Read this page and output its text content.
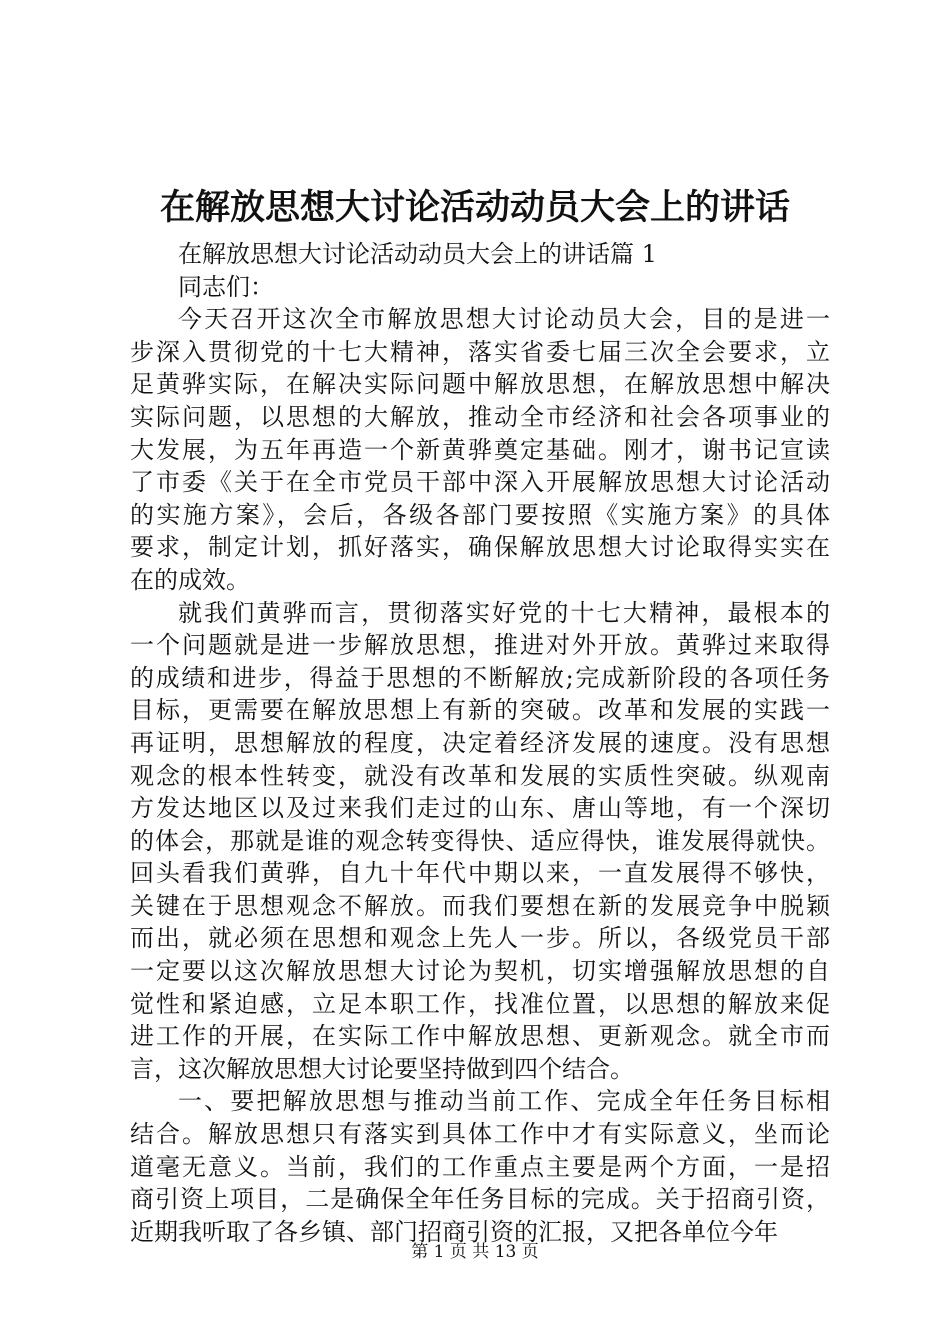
在解放思想大讨论活动动员大会上的讲话
在解放思想大讨论活动动员大会上的讲话篇 1
同志们：
今天召开这次全市解放思想大讨论动员大会，目的是进一
步深入贯彻党的十七大精神，落实省委七届三次全会要求，立
足黄骅实际，在解决实际问题中解放思想，在解放思想中解决
实际问题，以思想的大解放，推动全市经济和社会各项事业的
大发展，为五年再造一个新黄骅奠定基础。刚才，谢书记宣读
了市委《关于在全市党员干部中深入开展解放思想大讨论活动
的实施方案》，会后，各级各部门要按照《实施方案》的具体
要求，制定计划，抓好落实，确保解放思想大讨论取得实实在
在的成效。
就我们黄骅而言，贯彻落实好党的十七大精神，最根本的
一个问题就是进一步解放思想，推进对外开放。黄骅过来取得
的成绩和进步，得益于思想的不断解放;完成新阶段的各项任务
目标，更需要在解放思想上有新的突破。改革和发展的实践一
再证明，思想解放的程度，决定着经济发展的速度。没有思想
观念的根本性转变，就没有改革和发展的实质性突破。纵观南
方发达地区以及过来我们走过的山东、唐山等地，有一个深切
的体会，那就是谁的观念转变得快、适应得快，谁发展得就快。
回头看我们黄骅，自九十年代中期以来，一直发展得不够快，
关键在于思想观念不解放。而我们要想在新的发展竞争中脱颖
而出，就必须在思想和观念上先人一步。所以，各级党员干部
一定要以这次解放思想大讨论为契机，切实增强解放思想的自
觉性和紧迫感，立足本职工作，找准位置，以思想的解放来促
进工作的开展，在实际工作中解放思想、更新观念。就全市而
言，这次解放思想大讨论要坚持做到四个结合。
一、要把解放思想与推动当前工作、完成全年任务目标相
结合。解放思想只有落实到具体工作中才有实际意义，坐而论
道毫无意义。当前，我们的工作重点主要是两个方面，一是招
商引资上项目，二是确保全年任务目标的完成。关于招商引资，
近期我听取了各乡镇、部门招商引资的汇报，又把各单位今年
第 1 页 共 13 页
